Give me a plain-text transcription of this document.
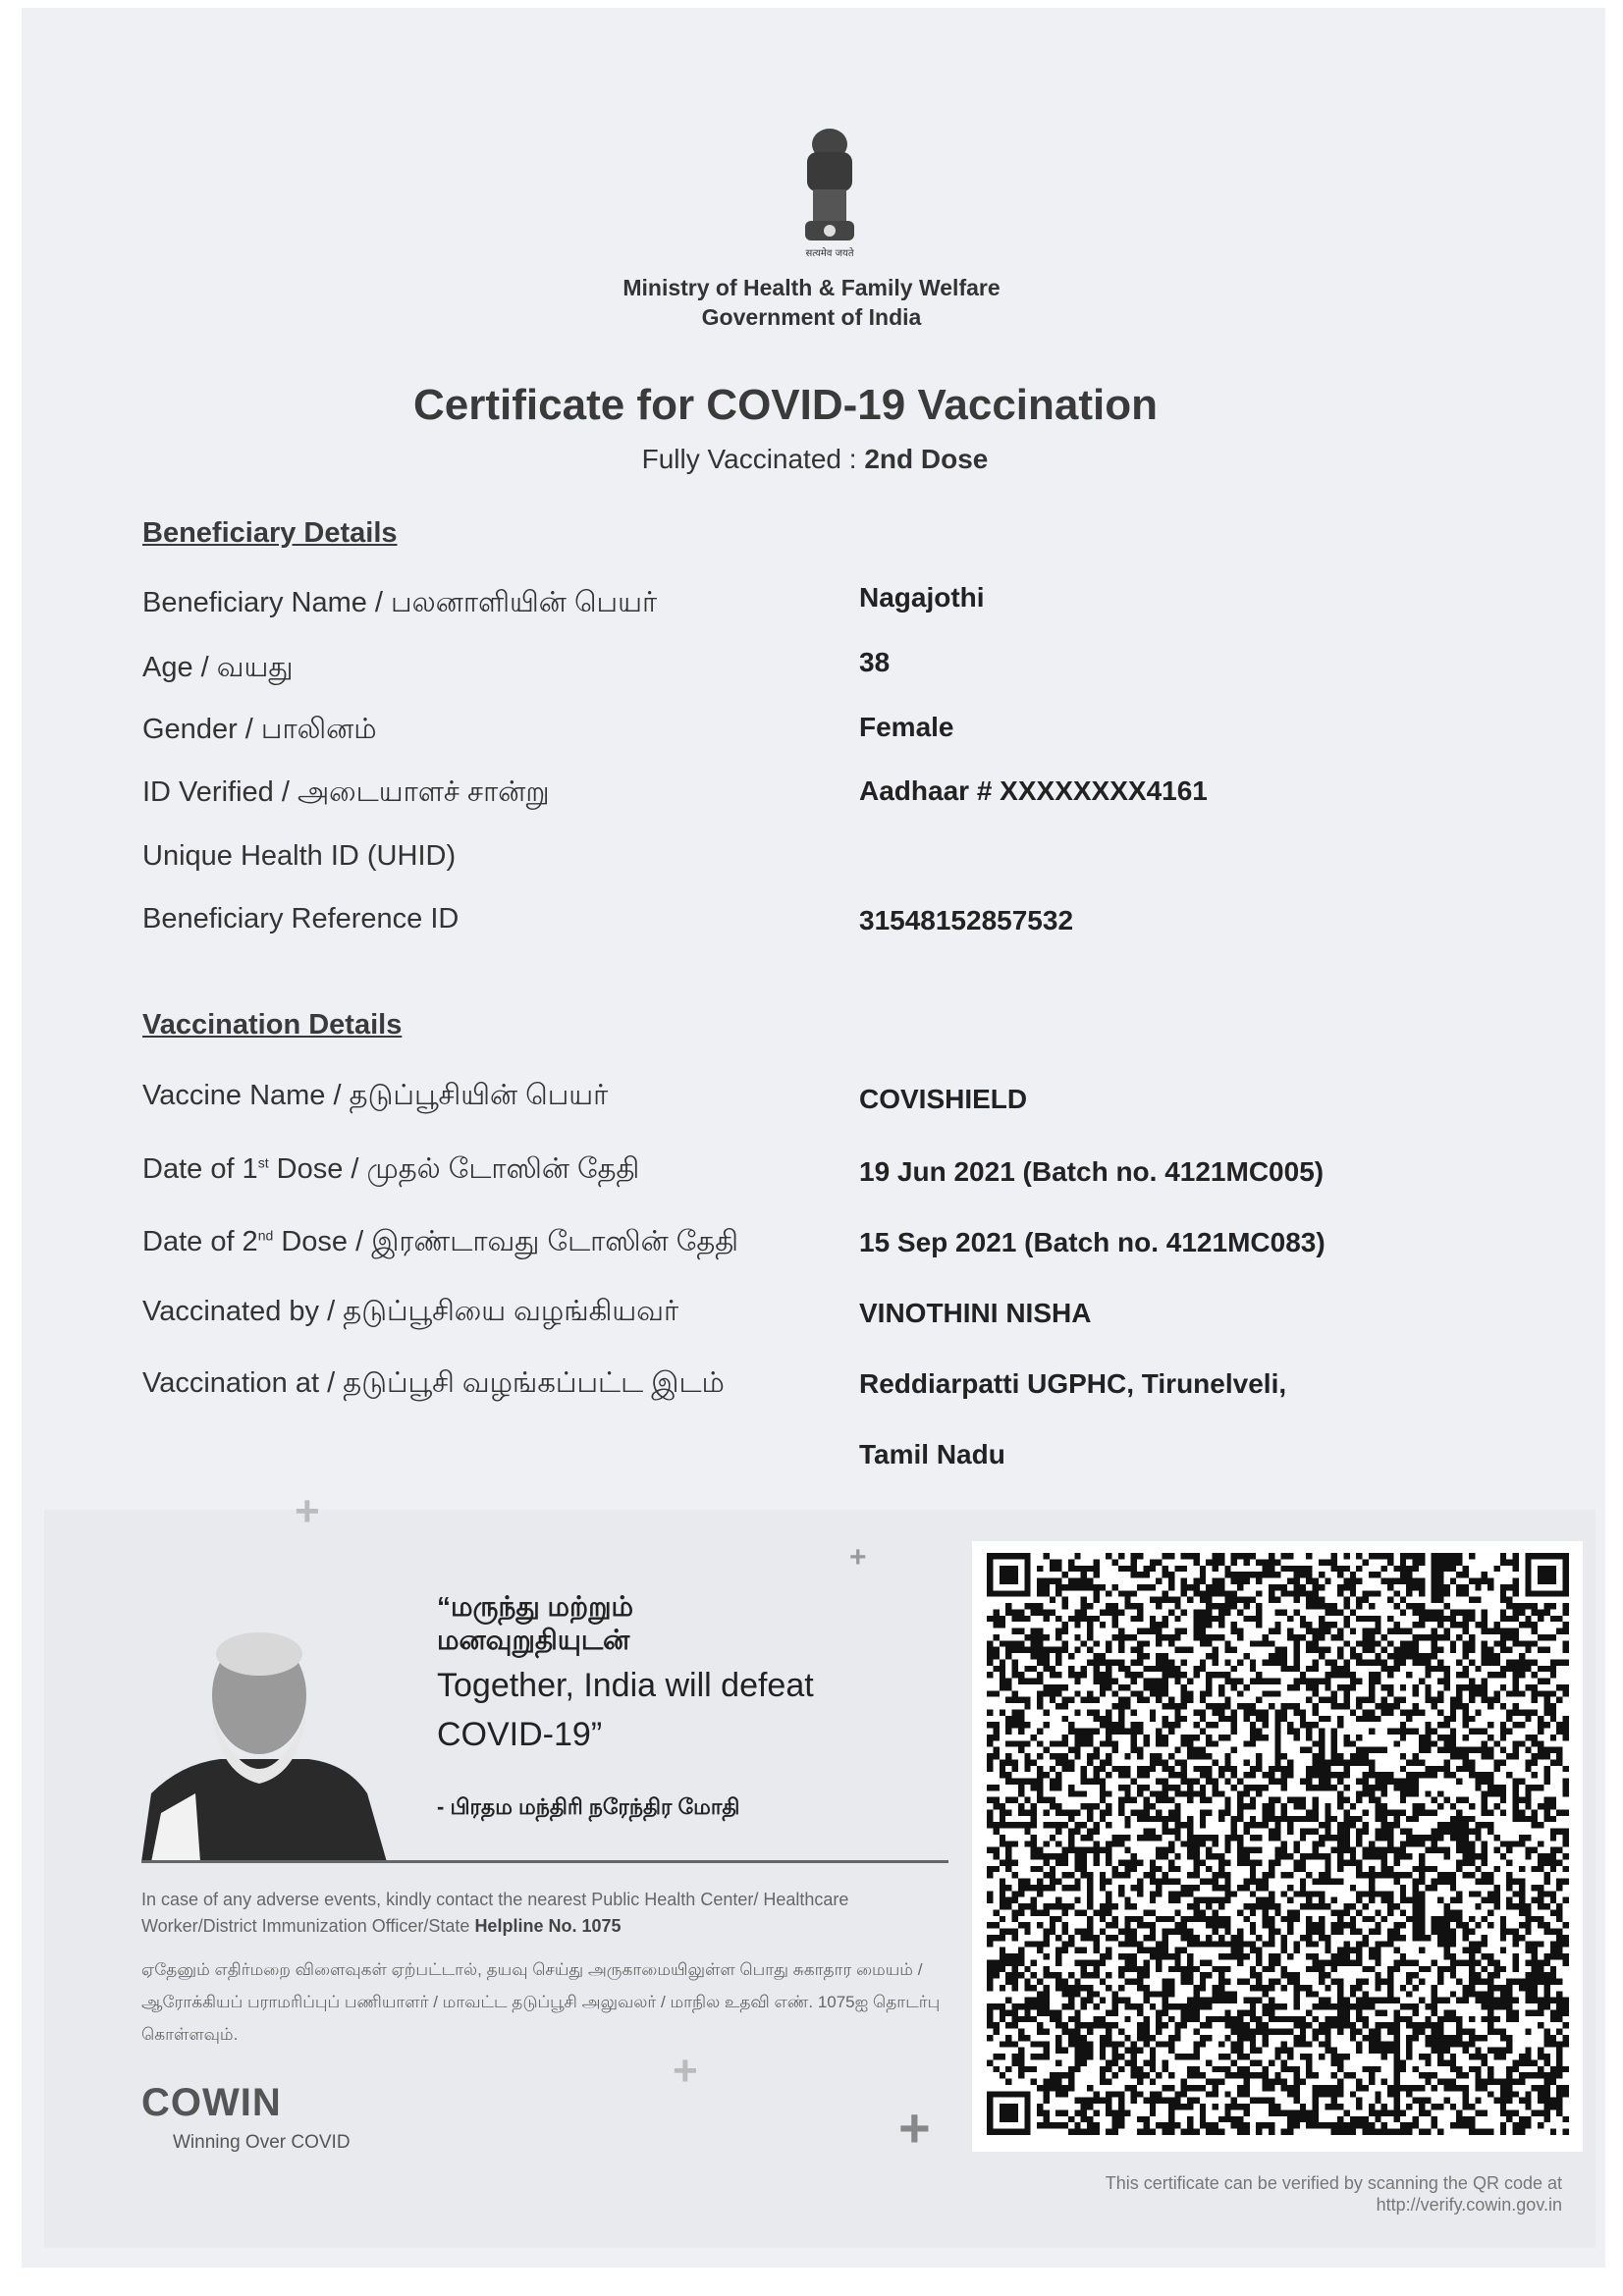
सत्यमेव जयते
Ministry of Health & Family Welfare
Government of India
Certificate for COVID-19 Vaccination
Fully Vaccinated : 2nd Dose
Beneficiary Details
Beneficiary Name / பலனாளியின் பெயர்	Nagajothi
Age / வயது	38
Gender / பாலினம்	Female
ID Verified / அடையாளச் சான்று	Aadhaar # XXXXXXXX4161
Unique Health ID (UHID)
Beneficiary Reference ID	31548152857532
Vaccination Details
Vaccine Name / தடுப்பூசியின் பெயர்	COVISHIELD
Date of 1st Dose / முதல் டோஸின் தேதி	19 Jun 2021 (Batch no. 4121MC005)
Date of 2nd Dose / இரண்டாவது டோஸின் தேதி	15 Sep 2021 (Batch no. 4121MC083)
Vaccinated by / தடுப்பூசியை வழங்கியவர்	VINOTHINI NISHA
Vaccination at / தடுப்பூசி வழங்கப்பட்ட இடம்	Reddiarpatti UGPHC, Tirunelveli,
Tamil Nadu
+
+
+
+
“மருந்து மற்றும்
மனவுறுதியுடன்
Together, India will defeat
COVID-19”
- பிரதம மந்திரி நரேந்திர மோதி
In case of any adverse events, kindly contact the nearest Public Health Center/ Healthcare Worker/District Immunization Officer/State Helpline No. 1075
ஏதேனும் எதிர்மறை விளைவுகள் ஏற்பட்டால், தயவு செய்து அருகாமையிலுள்ள பொது சுகாதார மையம் / ஆரோக்கியப் பராமரிப்புப் பணியாளர் / மாவட்ட தடுப்பூசி அலுவலர் / மாநில உதவி எண். 1075ஐ தொடர்பு கொள்ளவும்.
COWIN
Winning Over COVID
This certificate can be verified by scanning the QR code at
http://verify.cowin.gov.in
